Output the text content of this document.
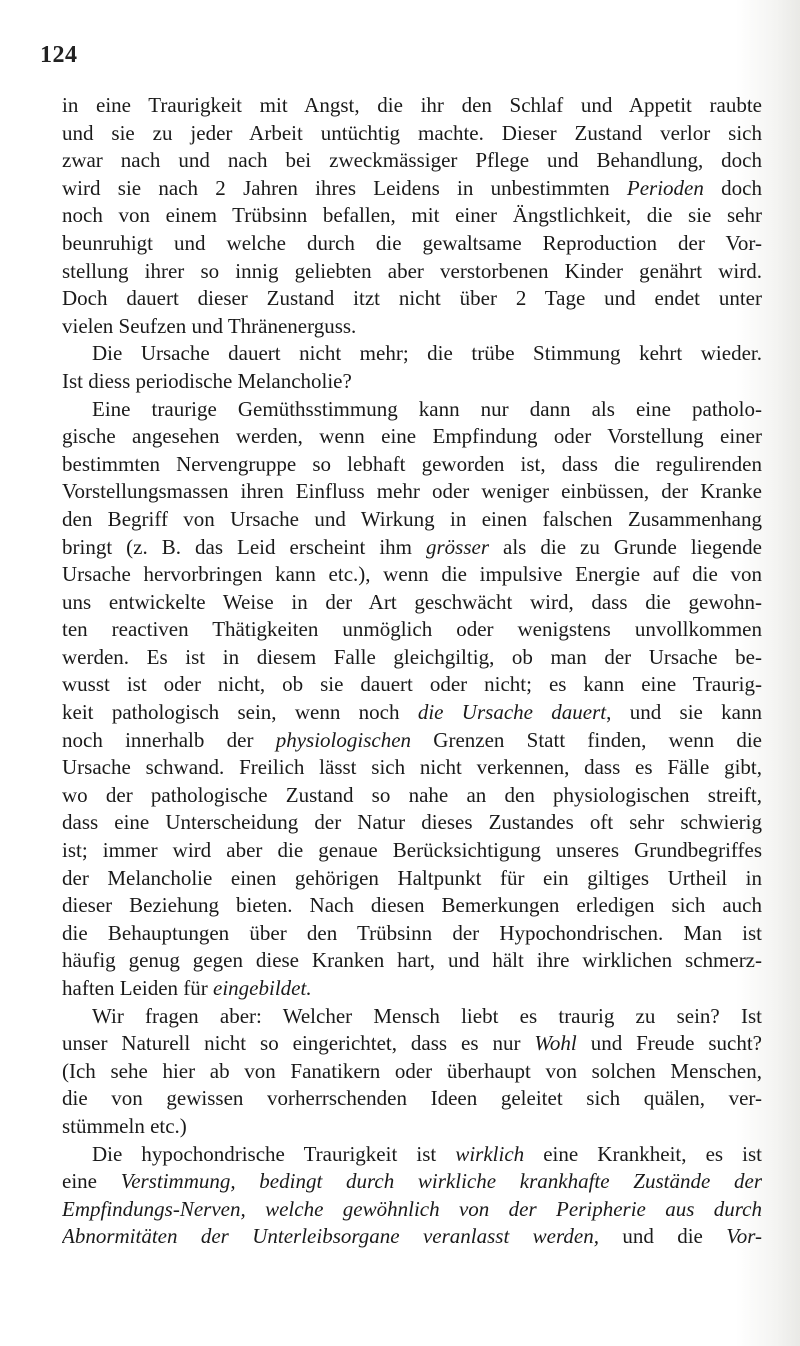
124
in eine Traurigkeit mit Angst, die ihr den Schlaf und Appetit raubte
und sie zu jeder Arbeit untüchtig machte. Dieser Zustand verlor sich
zwar nach und nach bei zweckmässiger Pflege und Behandlung, doch
wird sie nach 2 Jahren ihres Leidens in unbestimmten Perioden doch
noch von einem Trübsinn befallen, mit einer Ängstlichkeit, die sie sehr
beunruhigt und welche durch die gewaltsame Reproduction der Vor-
stellung ihrer so innig geliebten aber verstorbenen Kinder genährt wird.
Doch dauert dieser Zustand itzt nicht über 2 Tage und endet unter
vielen Seufzen und Thränenerguss.
Die Ursache dauert nicht mehr; die trübe Stimmung kehrt wieder.
Ist diess periodische Melancholie?
Eine traurige Gemüthsstimmung kann nur dann als eine patholo-
gische angesehen werden, wenn eine Empfindung oder Vorstellung einer
bestimmten Nervengruppe so lebhaft geworden ist, dass die regulirenden
Vorstellungsmassen ihren Einfluss mehr oder weniger einbüssen, der Kranke
den Begriff von Ursache und Wirkung in einen falschen Zusammenhang
bringt (z. B. das Leid erscheint ihm grösser als die zu Grunde liegende
Ursache hervorbringen kann etc.), wenn die impulsive Energie auf die von
uns entwickelte Weise in der Art geschwächt wird, dass die gewohn-
ten reactiven Thätigkeiten unmöglich oder wenigstens unvollkommen
werden. Es ist in diesem Falle gleichgiltig, ob man der Ursache be-
wusst ist oder nicht, ob sie dauert oder nicht; es kann eine Traurig-
keit pathologisch sein, wenn noch die Ursache dauert, und sie kann
noch innerhalb der physiologischen Grenzen Statt finden, wenn die
Ursache schwand. Freilich lässt sich nicht verkennen, dass es Fälle gibt,
wo der pathologische Zustand so nahe an den physiologischen streift,
dass eine Unterscheidung der Natur dieses Zustandes oft sehr schwierig
ist; immer wird aber die genaue Berücksichtigung unseres Grundbegriffes
der Melancholie einen gehörigen Haltpunkt für ein giltiges Urtheil in
dieser Beziehung bieten. Nach diesen Bemerkungen erledigen sich auch
die Behauptungen über den Trübsinn der Hypochondrischen. Man ist
häufig genug gegen diese Kranken hart, und hält ihre wirklichen schmerz-
haften Leiden für eingebildet.
Wir fragen aber: Welcher Mensch liebt es traurig zu sein? Ist
unser Naturell nicht so eingerichtet, dass es nur Wohl und Freude sucht?
(Ich sehe hier ab von Fanatikern oder überhaupt von solchen Menschen,
die von gewissen vorherrschenden Ideen geleitet sich quälen, ver-
stümmeln etc.)
Die hypochondrische Traurigkeit ist wirklich eine Krankheit, es ist
eine Verstimmung, bedingt durch wirkliche krankhafte Zustände der
Empfindungs-Nerven, welche gewöhnlich von der Peripherie aus durch
Abnormitäten der Unterleibsorgane veranlasst werden, und die Vor-
